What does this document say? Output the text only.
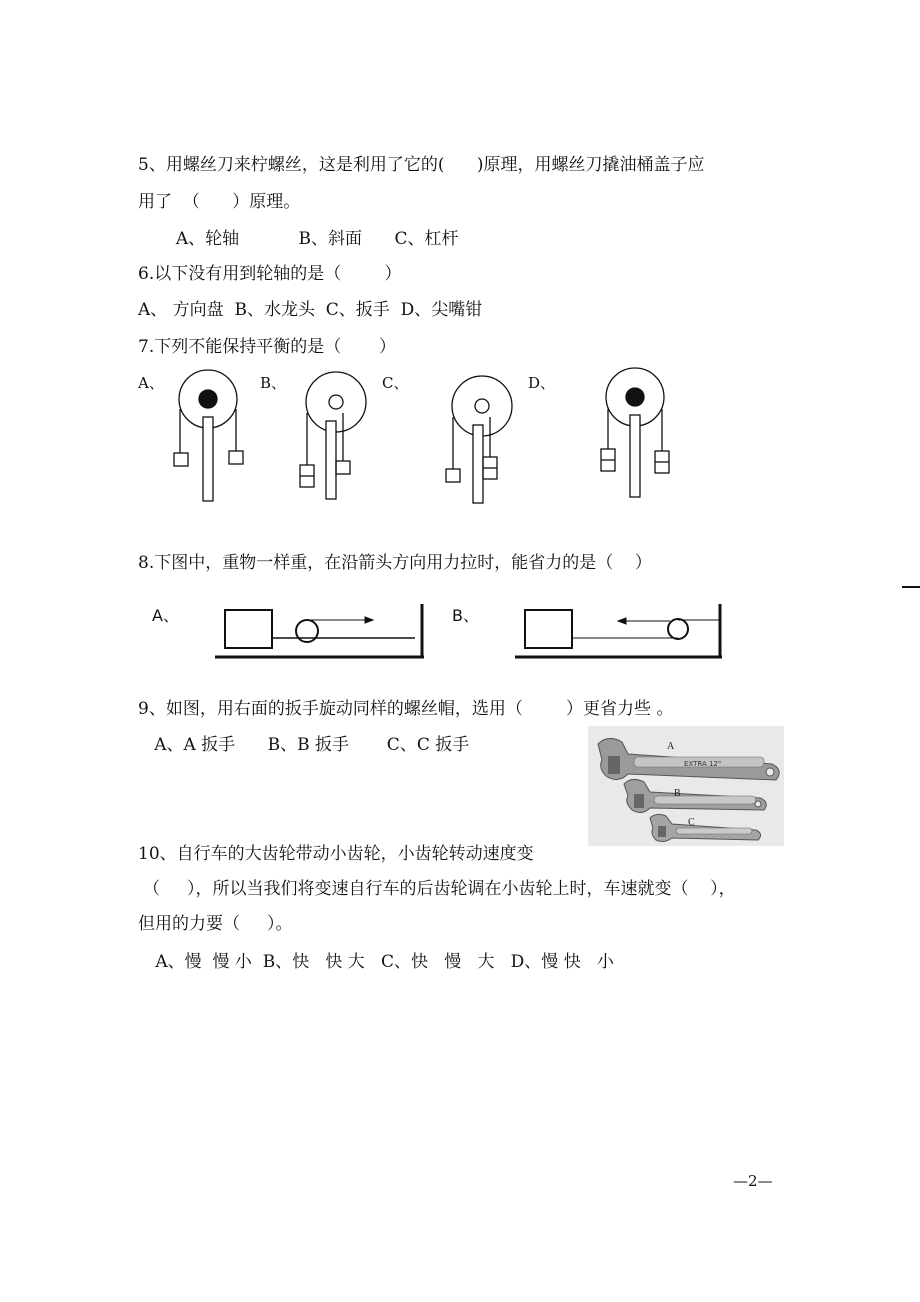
5、用螺丝刀来柠螺丝，这是利用了它的(      )原理，用螺丝刀撬油桶盖子应
用了  （      ）原理。
A、轮轴           B、斜面      C、杠杆
6.以下没有用到轮轴的是（        ）
A、 方向盘  B、水龙头  C、扳手  D、尖嘴钳
7.下列不能保持平衡的是（       ）
A、	B、	C、	D、
8.下图中，重物一样重，在沿箭头方向用力拉时，能省力的是（    ）
A、	B、
9、如图，用右面的扳手旋动同样的螺丝帽，选用（        ）更省力些 。
A、A 扳手      B、B 扳手       C、C 扳手
EXTRA 12"
A
B
C
10、自行车的大齿轮带动小齿轮，小齿轮转动速度变
（     ），所以当我们将变速自行车的后齿轮调在小齿轮上时，车速就变（    ），
但用的力要（     ）。
A、慢  慢 小  B、快   快 大   C、快   慢   大   D、慢 快   小
—2—
